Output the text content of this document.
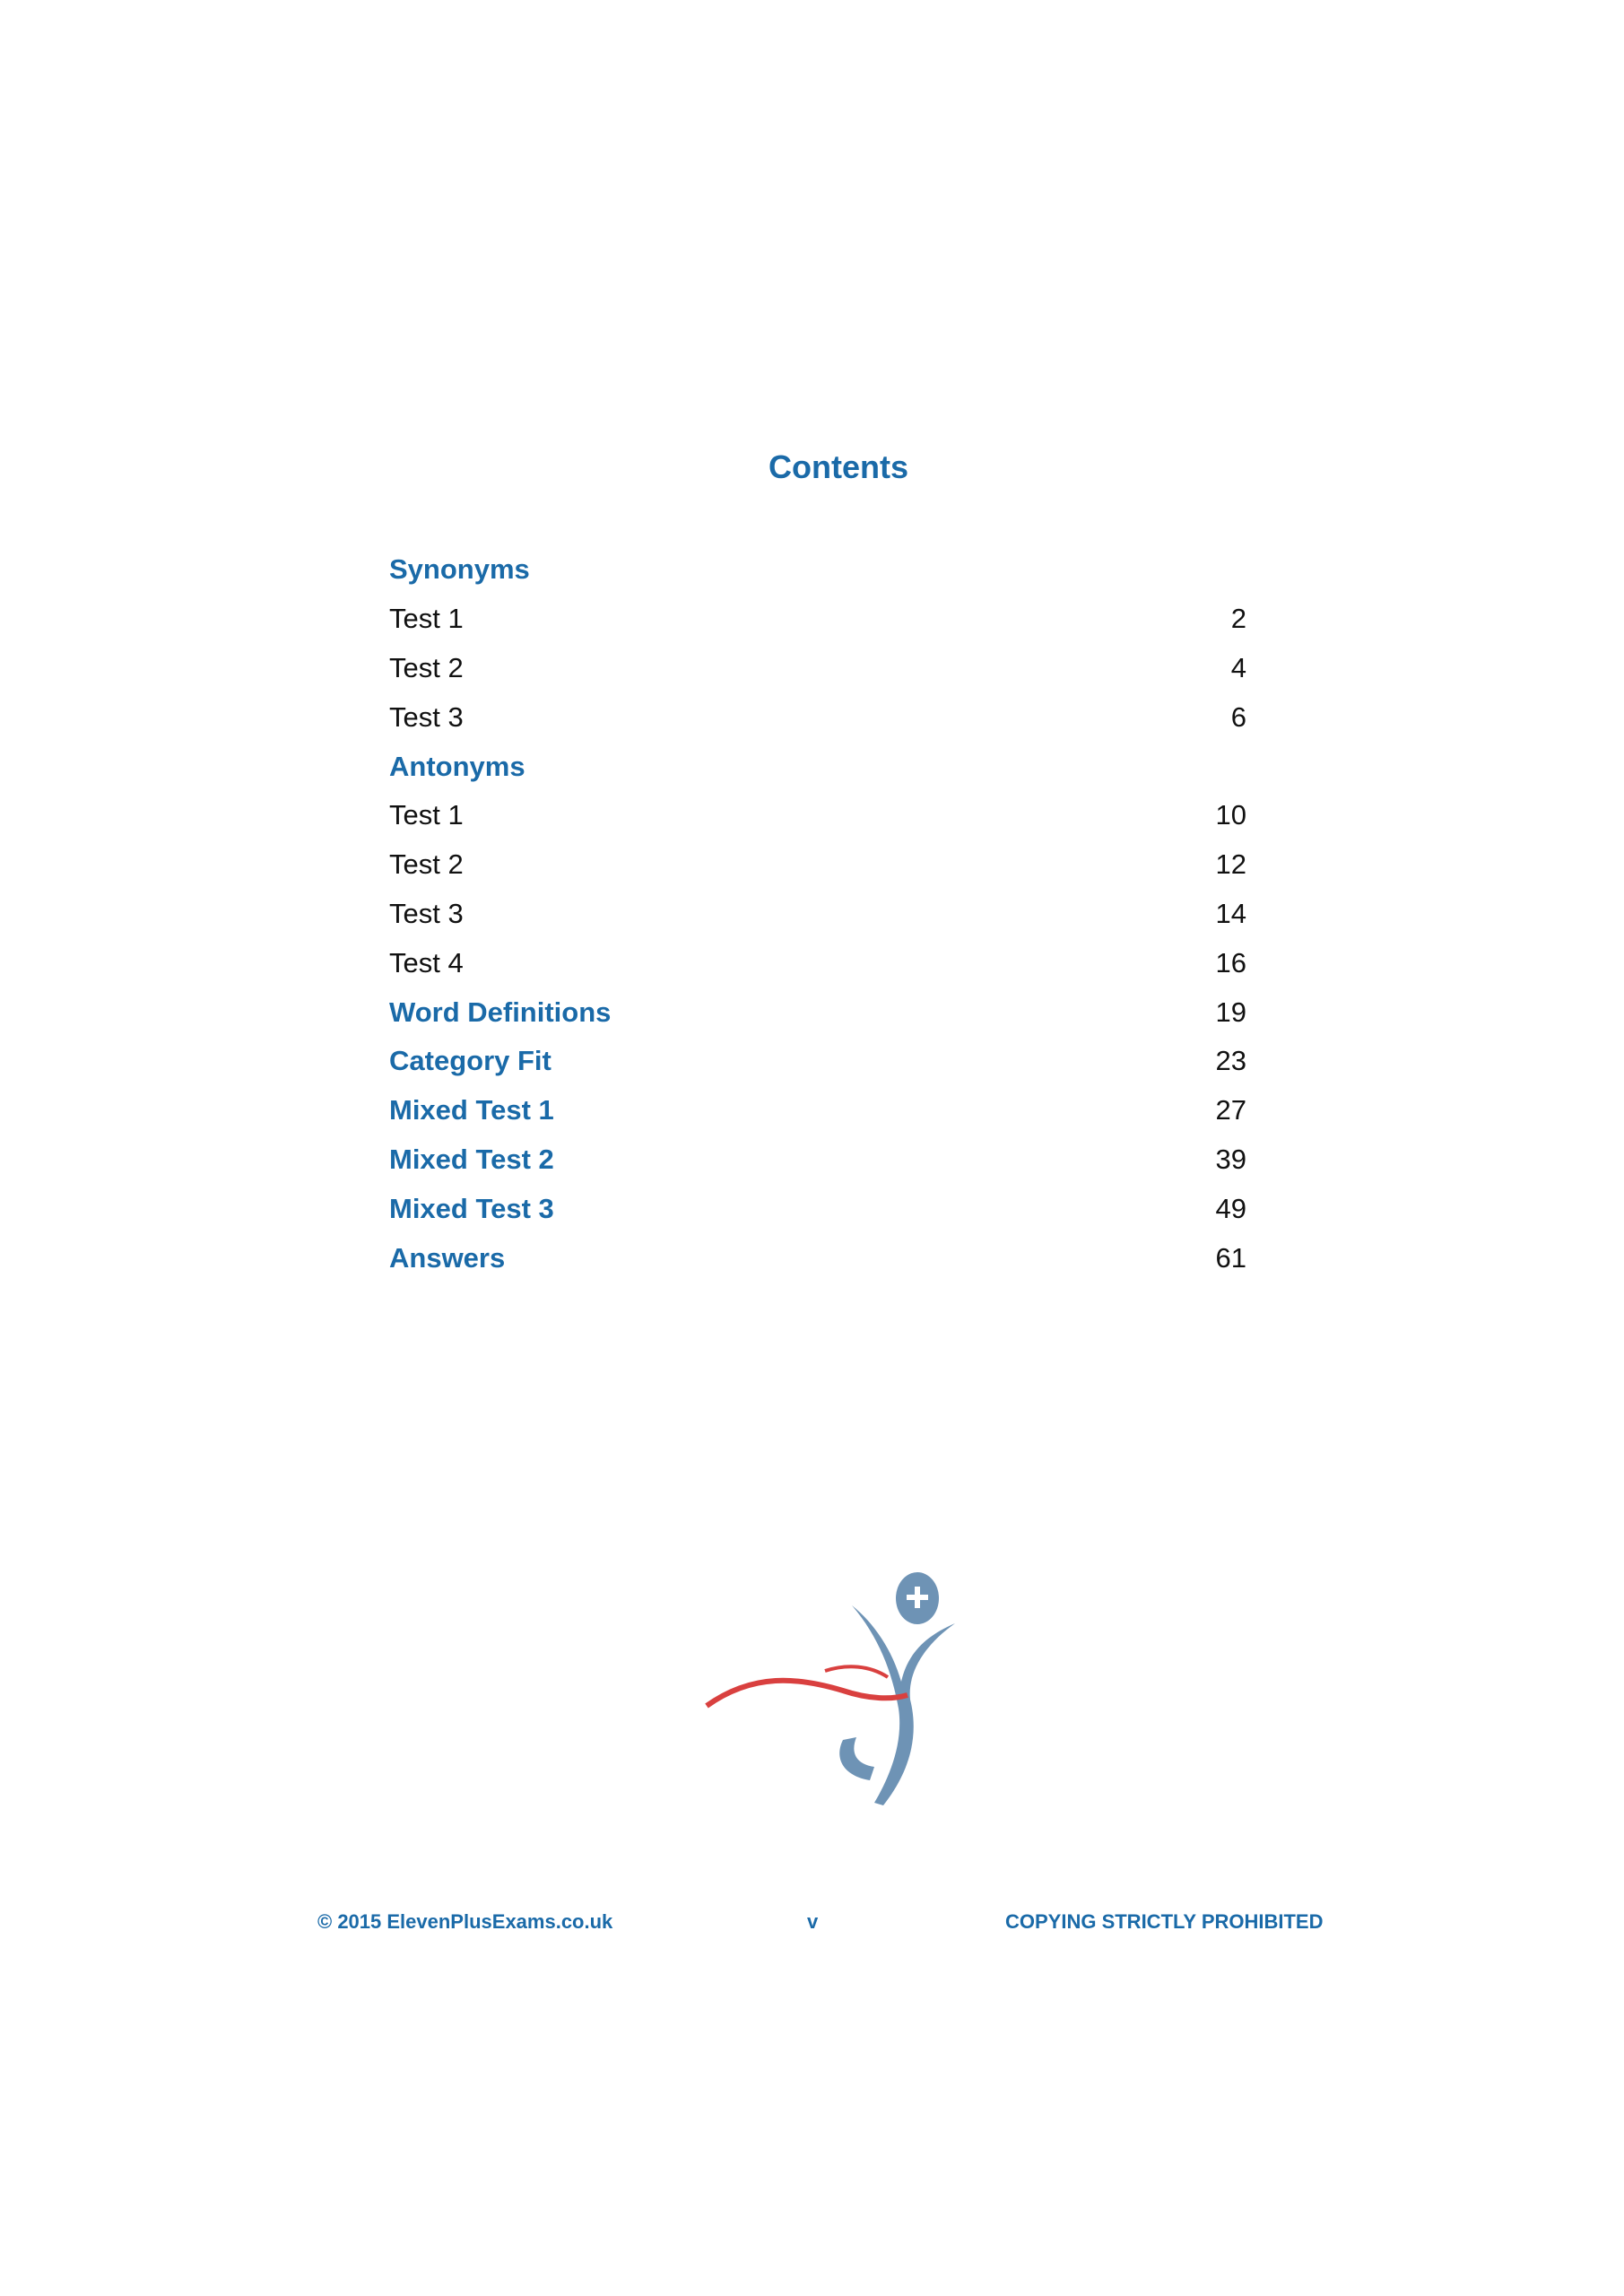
Contents
Synonyms
Test 1	2
Test 2	4
Test 3	6
Antonyms
Test 1	10
Test 2	12
Test 3	14
Test 4	16
Word Definitions	19
Category Fit	23
Mixed Test 1	27
Mixed Test 2	39
Mixed Test 3	49
Answers	61
© 2015 ElevenPlusExams.co.uk	v	COPYING STRICTLY PROHIBITED
